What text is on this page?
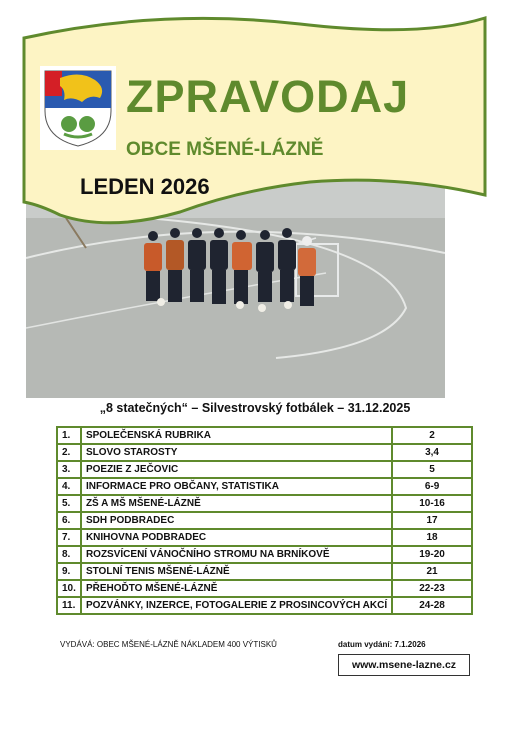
ZPRAVODAJ
OBCE MŠENÉ-LÁZNĚ
LEDEN 2026
„8 statečných“ – Silvestrovský fotbálek – 31.12.2025
1.	SPOLEČENSKÁ RUBRIKA	2
2.	SLOVO STAROSTY	3,4
3.	POEZIE Z JEČOVIC	5
4.	INFORMACE PRO OBČANY, STATISTIKA	6-9
5.	ZŠ A MŠ MŠENÉ-LÁZNĚ	10-16
6.	SDH PODBRADEC	17
7.	KNIHOVNA PODBRADEC	18
8.	ROZSVÍCENÍ VÁNOČNÍHO STROMU NA BRNÍKOVĚ	19-20
9.	STOLNÍ TENIS MŠENÉ-LÁZNĚ	21
10.	PŘEHOĎTO MŠENÉ-LÁZNĚ	22-23
11.	POZVÁNKY, INZERCE, FOTOGALERIE Z PROSINCOVÝCH AKCÍ	24-28
VYDÁVÁ: OBEC MŠENÉ-LÁZNĚ NÁKLADEM 400 VÝTISKŮ	datum vydání: 7.1.2026
www.msene-lazne.cz
